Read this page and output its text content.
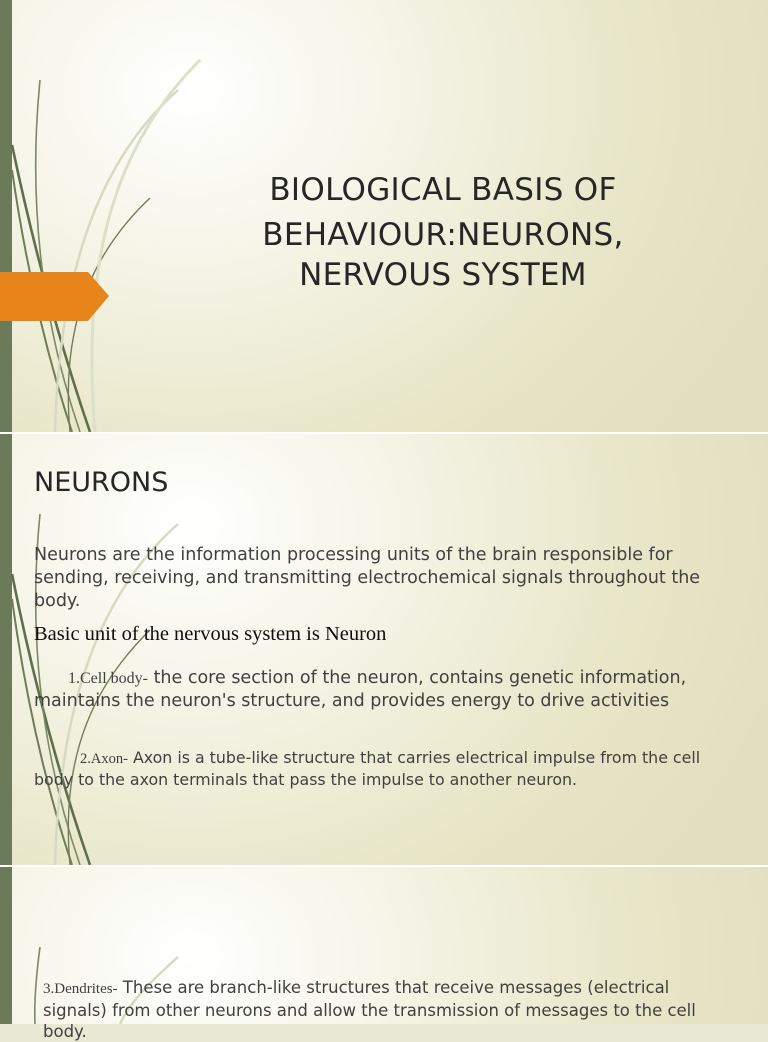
BIOLOGICAL BASIS OF
BEHAVIOUR:NEURONS,
NERVOUS SYSTEM
NEURONS
Neurons are the information processing units of the brain responsible for sending, receiving, and transmitting electrochemical signals throughout the body.
Basic unit of the nervous system is Neuron
1.Cell body- the core section of the neuron, contains genetic information, maintains the neuron's structure, and provides energy to drive activities
2.Axon- Axon is a tube-like structure that carries electrical impulse from the cell body to the axon terminals that pass the impulse to another neuron.
3.Dendrites- These are branch-like structures that receive messages (electrical signals) from other neurons and allow the transmission of messages to the cell body.
